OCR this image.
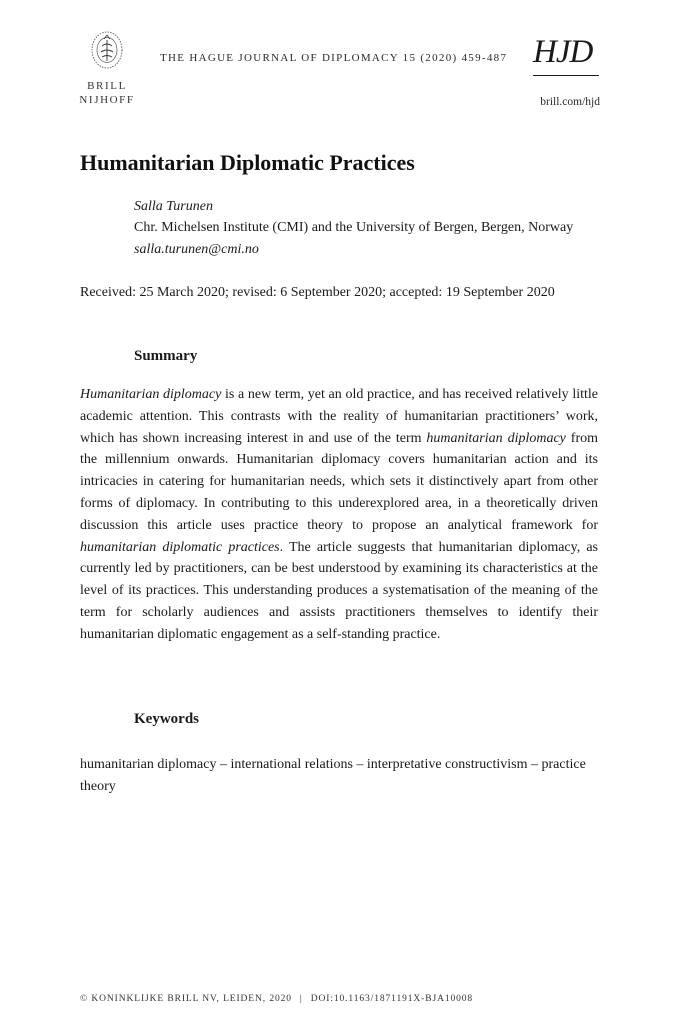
BRILL
NIJHOFF
THE HAGUE JOURNAL OF DIPLOMACY 15 (2020) 459-487 HJD
brill.com/hjd
Humanitarian Diplomatic Practices
Salla Turunen
Chr. Michelsen Institute (CMI) and the University of Bergen, Bergen, Norway
salla.turunen@cmi.no
Received: 25 March 2020; revised: 6 September 2020; accepted: 19 September 2020
Summary

Humanitarian diplomacy is a new term, yet an old practice, and has received relatively little academic attention. This contrasts with the reality of humanitarian practitioners’ work, which has shown increasing interest in and use of the term humanitarian diplomacy from the millennium onwards. Humanitarian diplomacy covers humanitarian action and its intricacies in catering for humanitarian needs, which sets it distinctively apart from other forms of diplomacy. In contributing to this underexplored area, in a theoretically driven discussion this article uses practice theory to propose an analytical framework for humanitarian diplomatic practices. The article suggests that humanitarian diplomacy, as currently led by practitioners, can be best understood by examining its characteristics at the level of its practices. This understanding produces a systematisation of the meaning of the term for scholarly audiences and assists practitioners themselves to identify their humanitarian diplomatic engagement as a self-standing practice.

Keywords

humanitarian diplomacy – international relations – interpretative constructivism – practice theory

© KONINKLIJKE BRILL NV, LEIDEN, 2020 | DOI:10.1163/1871191X-BJA10008
